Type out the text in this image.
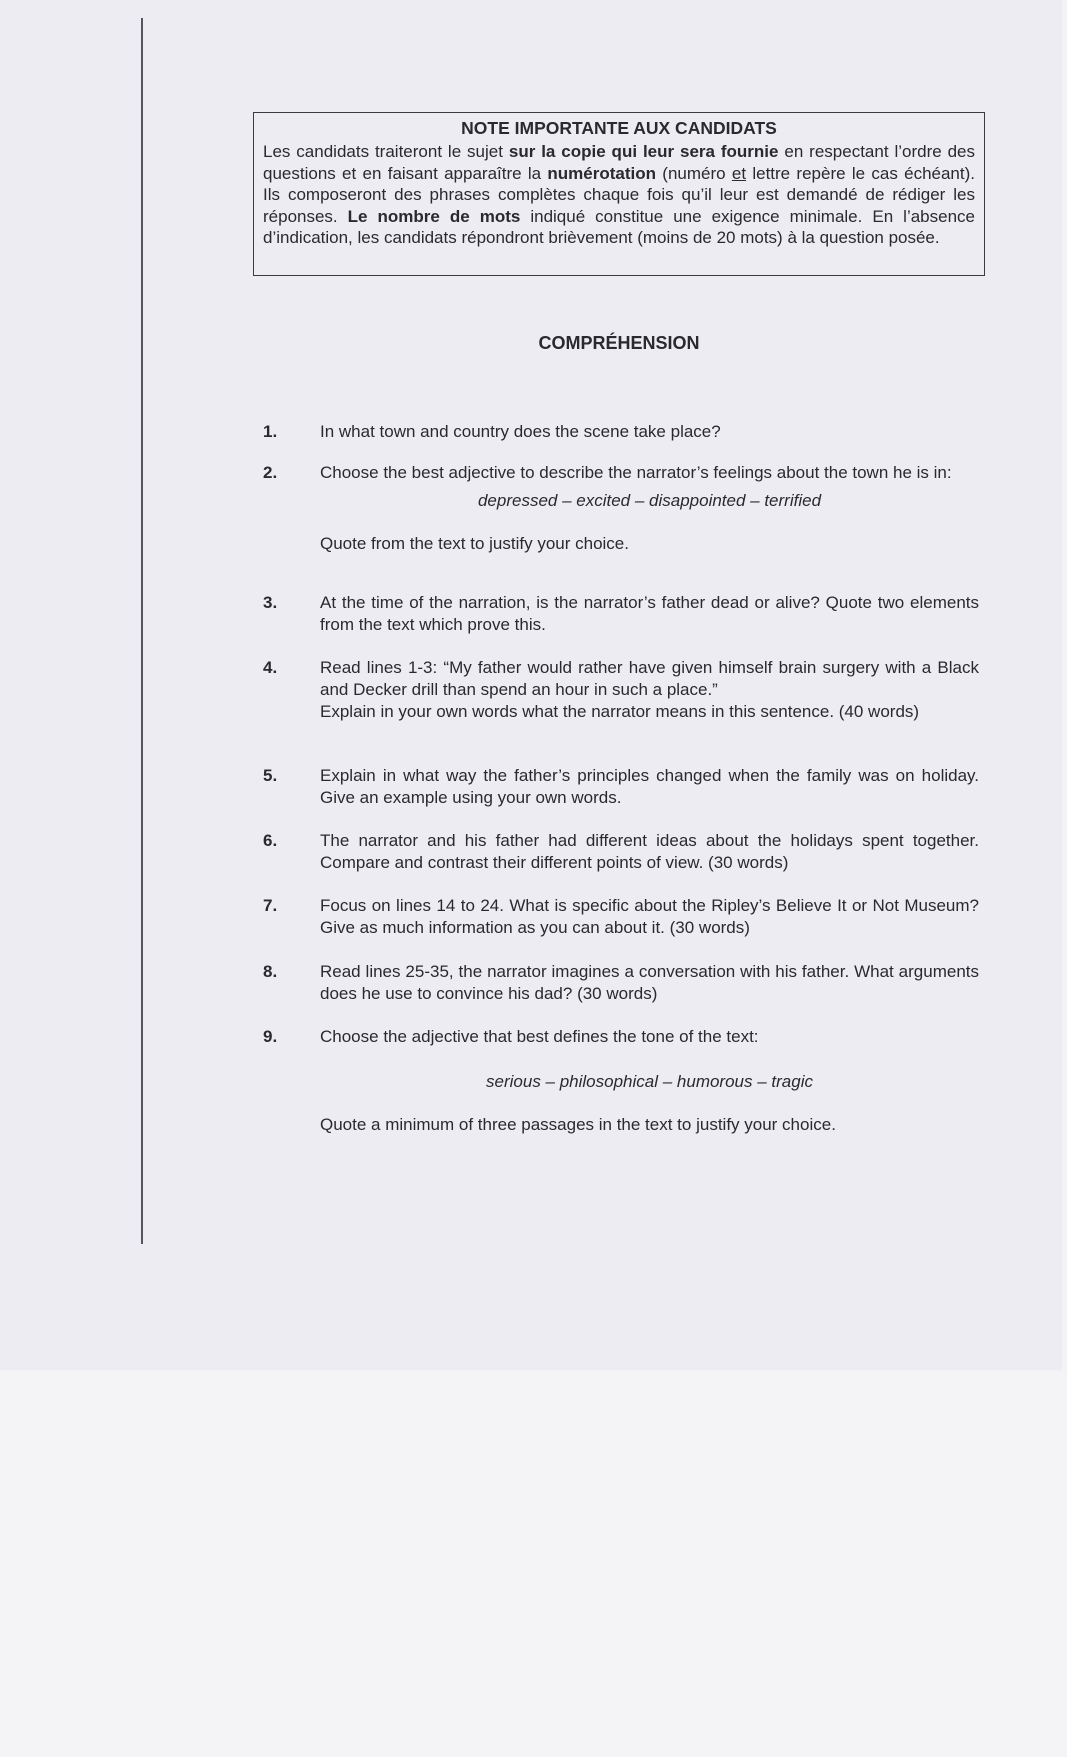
NOTE IMPORTANTE AUX CANDIDATS
Les candidats traiteront le sujet sur la copie qui leur sera fournie en respectant l’ordre des questions et en faisant apparaître la numérotation (numéro et lettre repère le cas échéant). Ils composeront des phrases complètes chaque fois qu’il leur est demandé de rédiger les réponses. Le nombre de mots indiqué constitue une exigence minimale. En l’absence d’indication, les candidats répondront brièvement (moins de 20 mots) à la question posée.
COMPRÉHENSION
1.	In what town and country does the scene take place?
2.	Choose the best adjective to describe the narrator’s feelings about the town he is in:
depressed – excited – disappointed – terrified
Quote from the text to justify your choice.
3.	At the time of the narration, is the narrator’s father dead or alive? Quote two elements from the text which prove this.
4.	Read lines 1-3: “My father would rather have given himself brain surgery with a Black and Decker drill than spend an hour in such a place.”
Explain in your own words what the narrator means in this sentence. (40 words)
5.	Explain in what way the father’s principles changed when the family was on holiday. Give an example using your own words.
6.	The narrator and his father had different ideas about the holidays spent together. Compare and contrast their different points of view. (30 words)
7.	Focus on lines 14 to 24. What is specific about the Ripley’s Believe It or Not Museum? Give as much information as you can about it. (30 words)
8.	Read lines 25-35, the narrator imagines a conversation with his father. What arguments does he use to convince his dad? (30 words)
9.	Choose the adjective that best defines the tone of the text:
serious – philosophical – humorous – tragic
Quote a minimum of three passages in the text to justify your choice.
